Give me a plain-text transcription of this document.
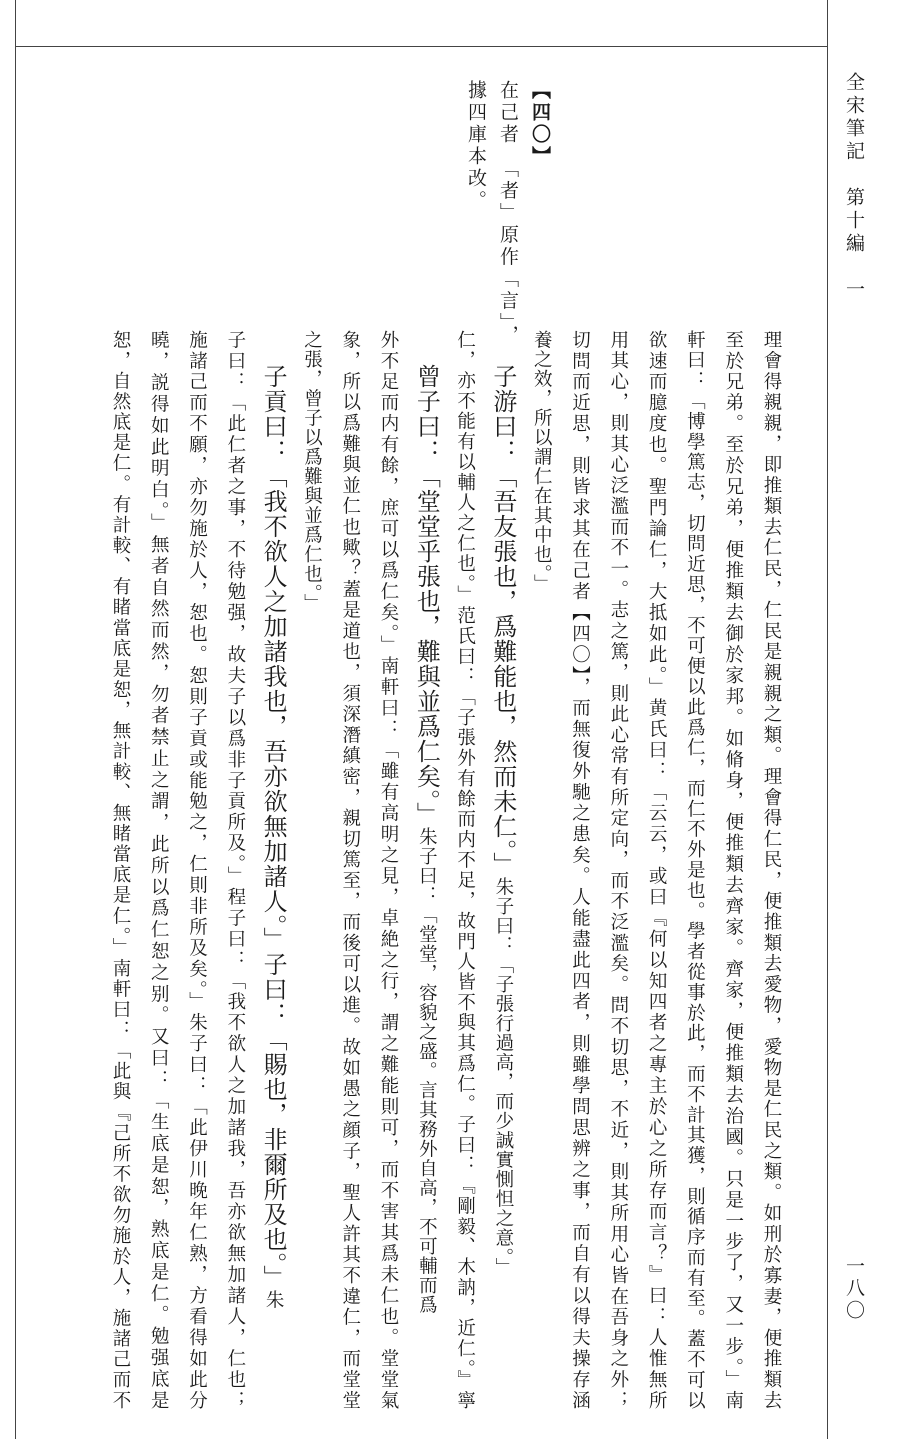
全宋筆記　第十編　一
一八〇
【四〇】
在己者　「者」原作「言」，
據四庫本改。
理會得親親，即推類去仁民，仁民是親親之類。理會得仁民，便推類去愛物，愛物是仁民之類。如刑於寡妻，便推類去
至於兄弟。至於兄弟，便推類去御於家邦。如脩身，便推類去齊家。齊家，便推類去治國。只是一步了，又一步。」南
軒曰：「博學篤志，切問近思，不可便以此爲仁，而仁不外是也。學者從事於此，而不計其獲，則循序而有至。蓋不可以
欲速而臆度也。聖門論仁，大抵如此。」黄氏曰：「云云，或曰『何以知四者之專主於心之所存而言？』曰：人惟無所
用其心，則其心泛濫而不一。志之篤，則此心常有所定向，而不泛濫矣。問不切思，不近，則其所用心皆在吾身之外；
切問而近思，則皆求其在己者【四〇】，而無復外馳之患矣。人能盡此四者，則雖學問思辨之事，而自有以得夫操存涵
養之效，所以謂仁在其中也。」
子游曰：「吾友張也，爲難能也，然而未仁。」朱子曰：「子張行過高，而少誠實惻怛之意。」
仁，亦不能有以輔人之仁也。」范氏曰：「子張外有餘而内不足，故門人皆不與其爲仁。子曰：『剛毅、木訥，近仁。』寧
曾子曰：「堂堂乎張也，難與並爲仁矣。」朱子曰：「堂堂，容貌之盛。言其務外自高，不可輔而爲
外不足而内有餘，庶可以爲仁矣。」南軒曰：「雖有高明之見，卓絶之行，謂之難能則可，而不害其爲未仁也。堂堂氣
象，所以爲難與並仁也歟？蓋是道也，須深潛縝密，親切篤至，而後可以進。故如愚之顔子，聖人許其不違仁，而堂堂
之張，曾子以爲難與並爲仁也。」
子貢曰：「我不欲人之加諸我也，吾亦欲無加諸人。」子曰：「賜也，非爾所及也。」朱
子曰：「此仁者之事，不待勉强，故夫子以爲非子貢所及。」程子曰：「我不欲人之加諸我，吾亦欲無加諸人，仁也；
施諸己而不願，亦勿施於人，恕也。恕則子貢或能勉之，仁則非所及矣。」朱子曰：「此伊川晚年仁熟，方看得如此分
曉，説得如此明白。」無者自然而然，勿者禁止之謂，此所以爲仁恕之别。又曰：「生底是恕，熟底是仁。勉强底是
恕，自然底是仁。有計較、有睹當底是恕，無計較、無睹當底是仁。」南軒曰：「此與『己所不欲勿施於人，施諸己而不
